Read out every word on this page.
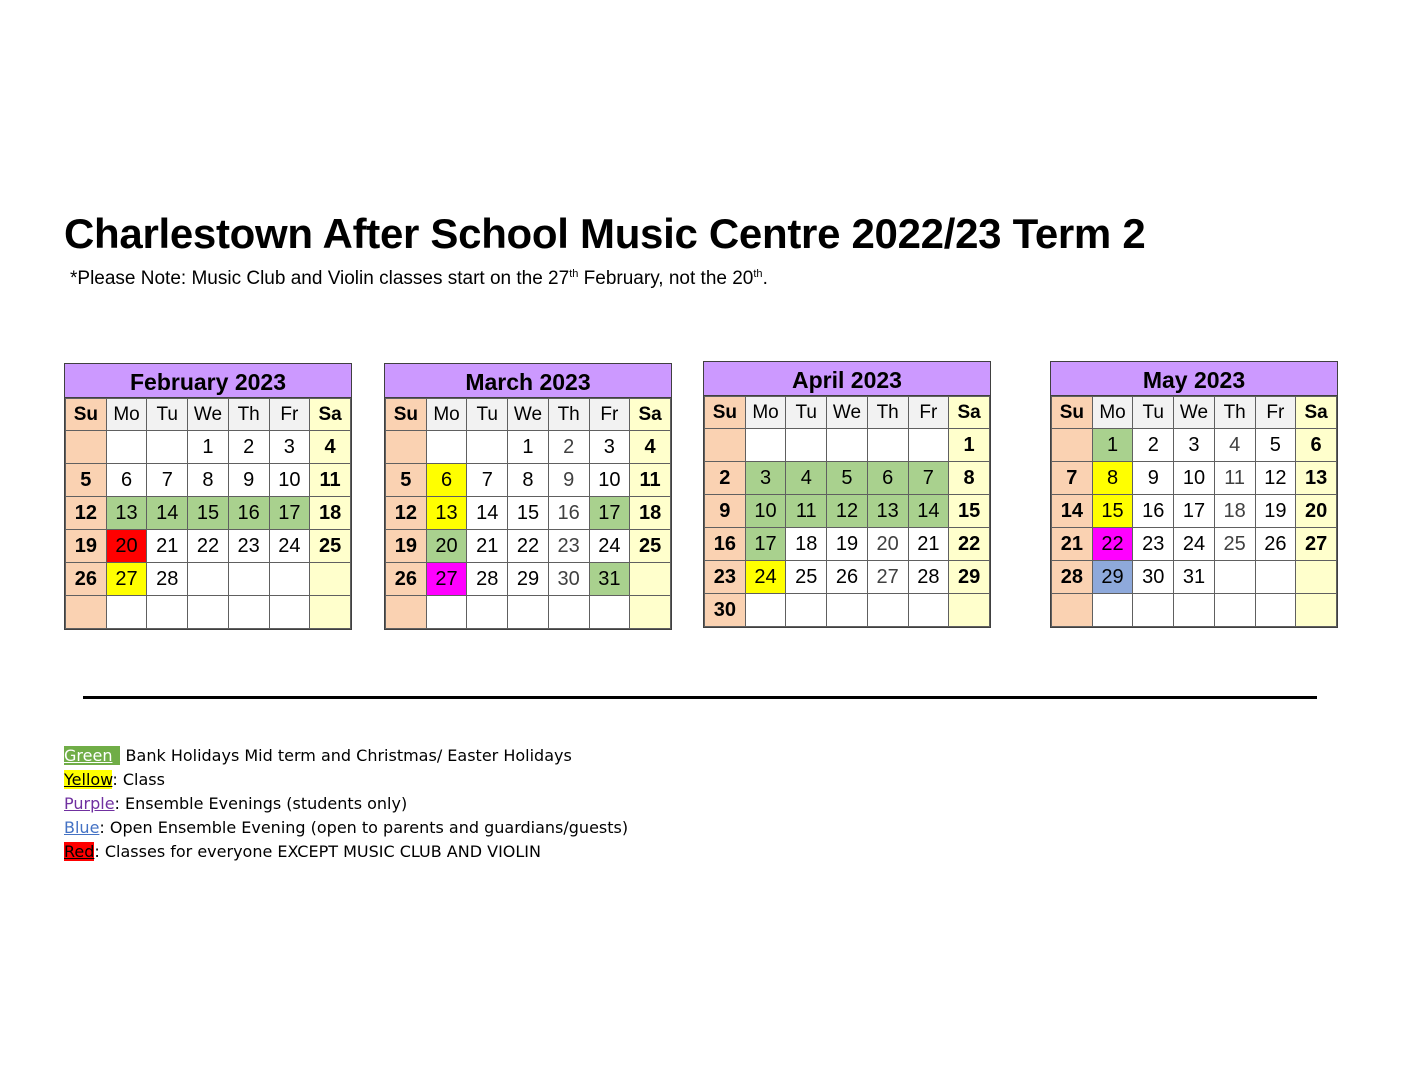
Charlestown After School Music Centre 2022/23 Term 2
*Please Note: Music Club and Violin classes start on the 27th February, not the 20th.
February 2023
Su	Mo	Tu	We	Th	Fr	Sa
			1	2	3	4
5	6	7	8	9	10	11
12	13	14	15	16	17	18
19	20	21	22	23	24	25
26	27	28				

March 2023
Su	Mo	Tu	We	Th	Fr	Sa
			1	2	3	4
5	6	7	8	9	10	11
12	13	14	15	16	17	18
19	20	21	22	23	24	25
26	27	28	29	30	31	

April 2023
Su	Mo	Tu	We	Th	Fr	Sa
						1
2	3	4	5	6	7	8
9	10	11	12	13	14	15
16	17	18	19	20	21	22
23	24	25	26	27	28	29
30						
May 2023
Su	Mo	Tu	We	Th	Fr	Sa
	1	2	3	4	5	6
7	8	9	10	11	12	13
14	15	16	17	18	19	20
21	22	23	24	25	26	27
28	29	30	31			

Green Bank Holidays Mid term and Christmas/ Easter Holidays
Yellow: Class
Purple: Ensemble Evenings (students only)
Blue: Open Ensemble Evening (open to parents and guardians/guests)
Red: Classes for everyone EXCEPT MUSIC CLUB AND VIOLIN
